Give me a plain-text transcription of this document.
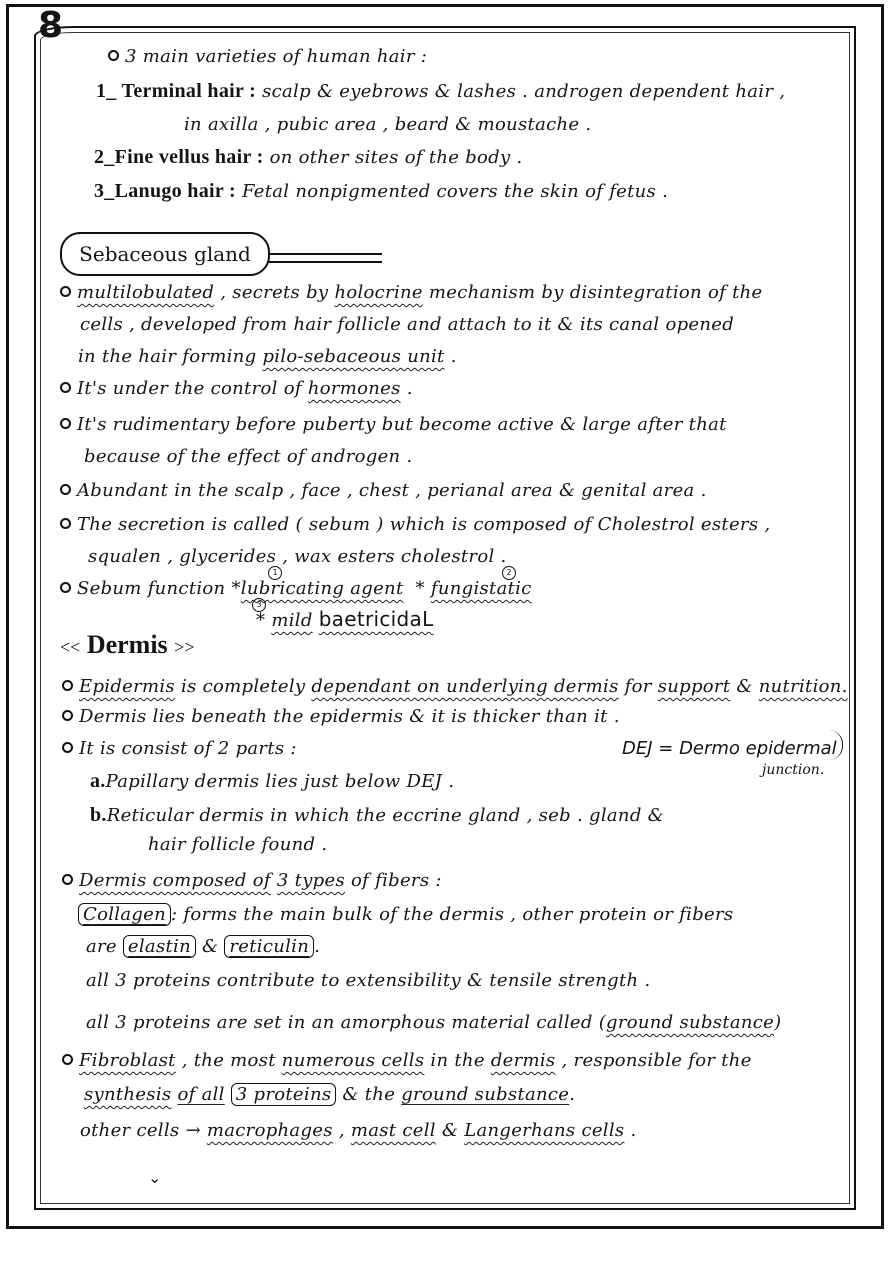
8
3 main varieties of human hair :
1_ Terminal hair : scalp & eyebrows & lashes . androgen dependent hair ,
in axilla , pubic area , beard & moustache .
2_Fine vellus hair : on other sites of the body .
3_Lanugo hair : Fetal nonpigmented covers the skin of fetus .
Sebaceous gland
multilobulated , secrets by holocrine mechanism by disintegration of the
cells , developed from hair follicle and attach to it & its canal opened
in the hair forming pilo-sebaceous unit .
It's under the control of hormones .
It's rudimentary before puberty but become active & large after that
because of the effect of androgen .
Abundant in the scalp , face , chest , perianal area & genital area .
The secretion is called ( sebum ) which is composed of Cholestrol esters ,
squalen , glycerides , wax esters cholestrol .
Sebum function *lubricating agent * fungistatic
1	2
3
* mild baetricidaL
<< Dermis >>
Epidermis is completely dependant on underlying dermis for support & nutrition.
Dermis lies beneath the epidermis & it is thicker than it .
It is consist of 2 parts :	DEJ = Dermo epidermal
junction.
a.Papillary dermis lies just below DEJ .
b.Reticular dermis in which the eccrine gland , seb . gland &
hair follicle found .
Dermis composed of 3 types of fibers :
Collagen : forms the main bulk of the dermis , other protein or fibers
are elastin & reticulin .
all 3 proteins contribute to extensibility & tensile strength .
all 3 proteins are set in an amorphous material called (ground substance)
Fibroblast , the most numerous cells in the dermis , responsible for the
synthesis of all 3 proteins & the ground substance.
other cells → macrophages , mast cell & Langerhans cells .
⌄
